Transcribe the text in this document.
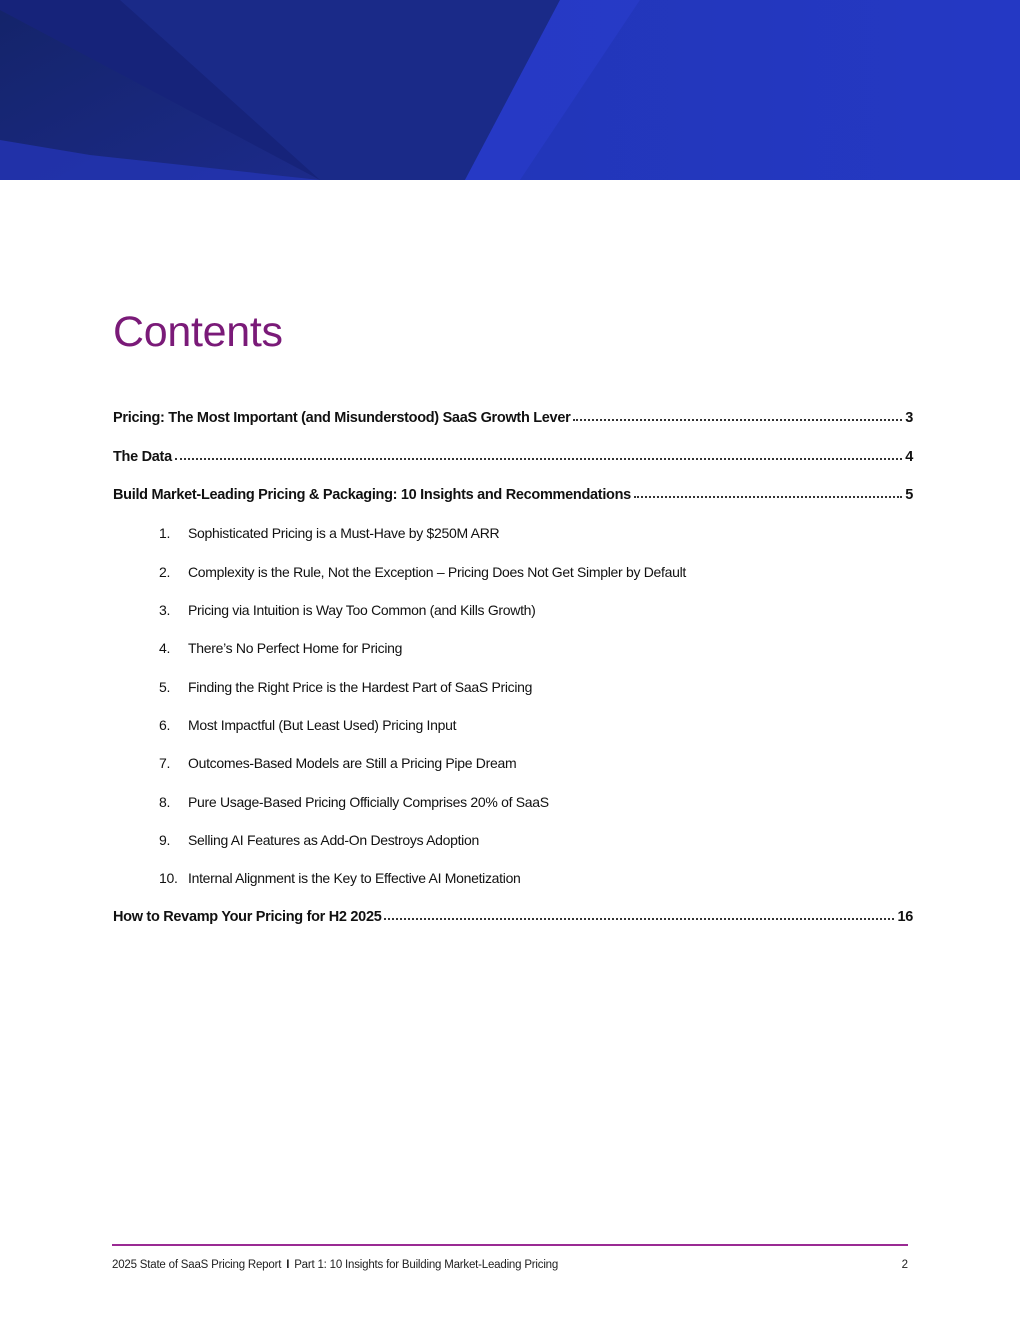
Contents
Pricing: The Most Important (and Misunderstood) SaaS Growth Lever	3
The Data	4
Build Market-Leading Pricing & Packaging: 10 Insights and Recommendations	5
1. Sophisticated Pricing is a Must-Have by $250M ARR
2. Complexity is the Rule, Not the Exception – Pricing Does Not Get Simpler by Default
3. Pricing via Intuition is Way Too Common (and Kills Growth)
4. There’s No Perfect Home for Pricing
5. Finding the Right Price is the Hardest Part of SaaS Pricing
6. Most Impactful (But Least Used) Pricing Input
7. Outcomes-Based Models are Still a Pricing Pipe Dream
8. Pure Usage-Based Pricing Officially Comprises 20% of SaaS
9. Selling AI Features as Add-On Destroys Adoption
10. Internal Alignment is the Key to Effective AI Monetization
How to Revamp Your Pricing for H2 2025	16
2025 State of SaaS Pricing Report I Part 1: 10 Insights for Building Market-Leading Pricing	2
